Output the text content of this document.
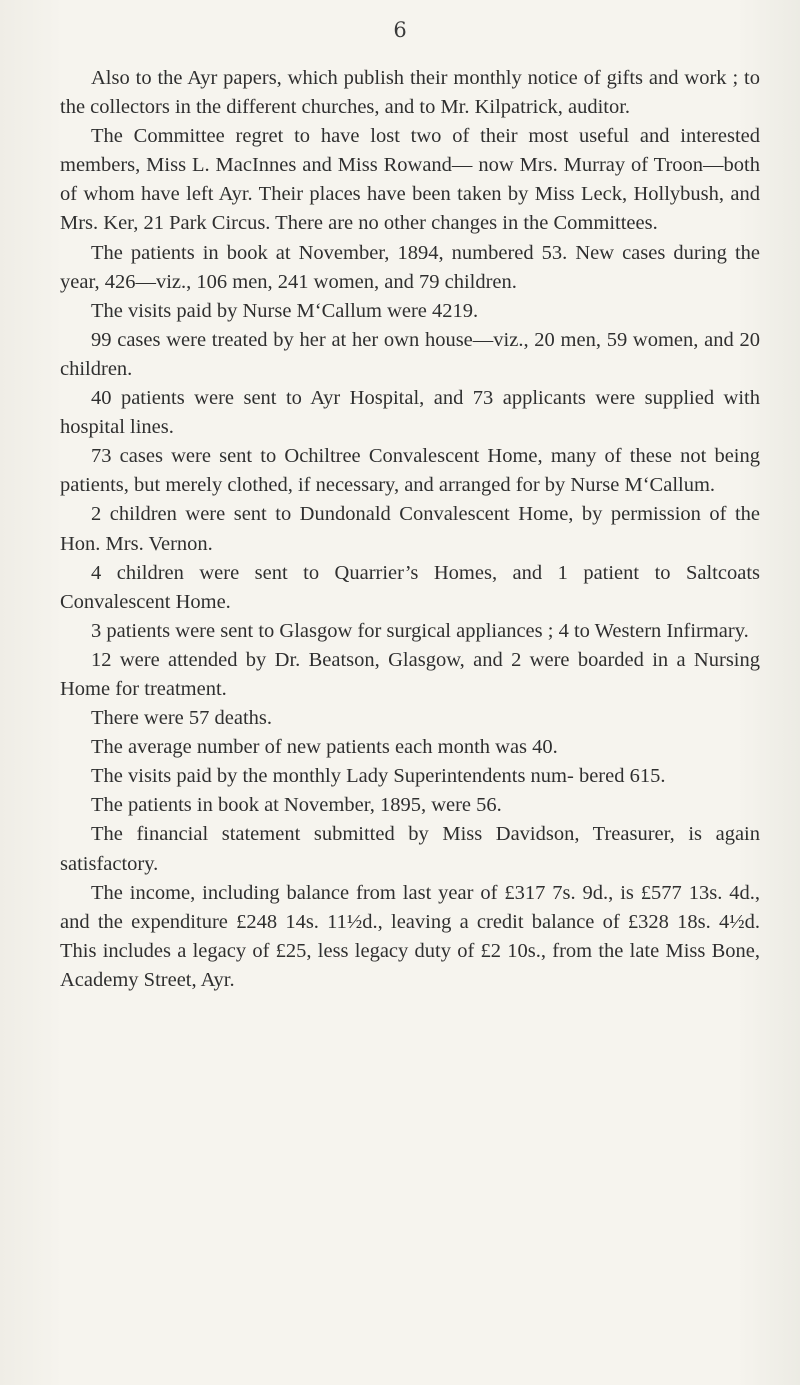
6

Also to the Ayr papers, which publish their monthly notice of gifts and work ; to the collectors in the different churches, and to Mr. Kilpatrick, auditor.

The Committee regret to have lost two of their most useful and interested members, Miss L. MacInnes and Miss Rowand— now Mrs. Murray of Troon—both of whom have left Ayr. Their places have been taken by Miss Leck, Hollybush, and Mrs. Ker, 21 Park Circus. There are no other changes in the Committees.

The patients in book at November, 1894, numbered 53. New cases during the year, 426—viz., 106 men, 241 women, and 79 children.

The visits paid by Nurse M‘Callum were 4219.

99 cases were treated by her at her own house—viz., 20 men, 59 women, and 20 children.

40 patients were sent to Ayr Hospital, and 73 applicants were supplied with hospital lines.

73 cases were sent to Ochiltree Convalescent Home, many of these not being patients, but merely clothed, if necessary, and arranged for by Nurse M‘Callum.

2 children were sent to Dundonald Convalescent Home, by permission of the Hon. Mrs. Vernon.

4 children were sent to Quarrier’s Homes, and 1 patient to Saltcoats Convalescent Home.

3 patients were sent to Glasgow for surgical appliances ; 4 to Western Infirmary.

12 were attended by Dr. Beatson, Glasgow, and 2 were boarded in a Nursing Home for treatment.

There were 57 deaths.

The average number of new patients each month was 40.

The visits paid by the monthly Lady Superintendents num- bered 615.

The patients in book at November, 1895, were 56.

The financial statement submitted by Miss Davidson, Treasurer, is again satisfactory.

The income, including balance from last year of £317 7s. 9d., is £577 13s. 4d., and the expenditure £248 14s. 11½d., leaving a credit balance of £328 18s. 4½d. This includes a legacy of £25, less legacy duty of £2 10s., from the late Miss Bone, Academy Street, Ayr.
